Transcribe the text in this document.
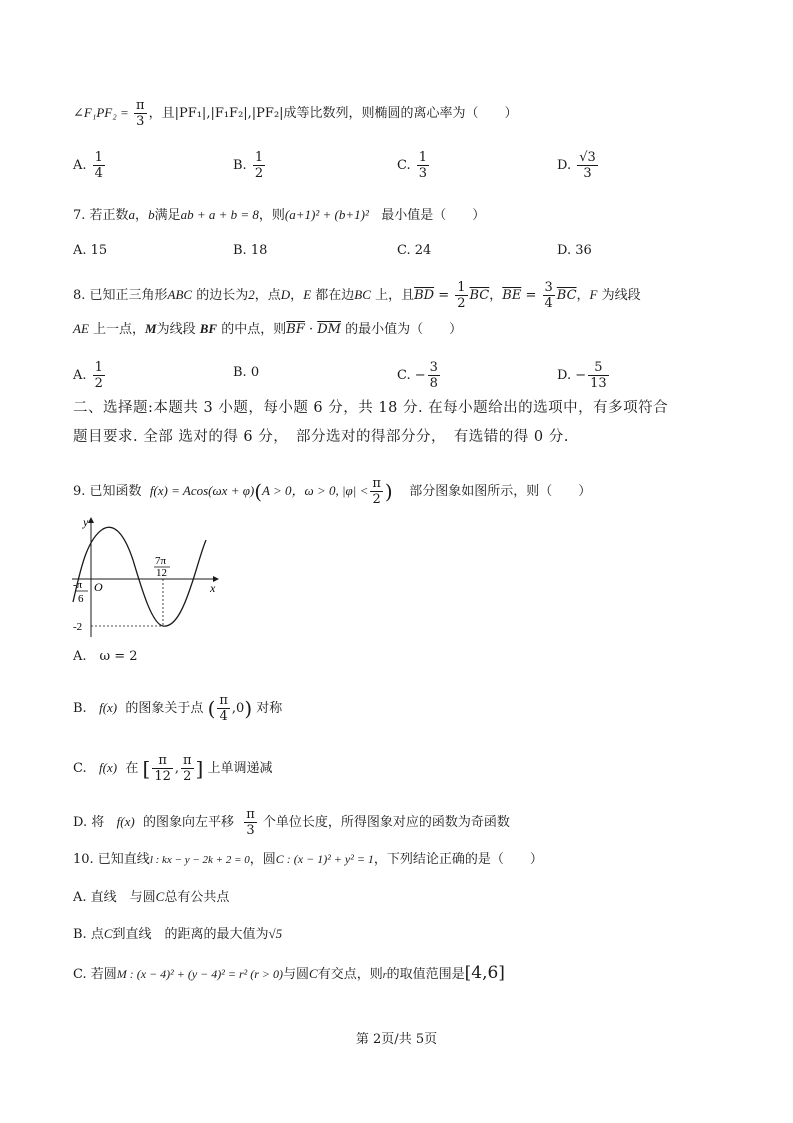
∠F₁PF₂ = $\frac{\pi}{3}$ ，且|PF₁|,|F₁F₂|,|PF₂|成等比数列，则椭圆的离心率为（　　）
A. $\frac{1}{4}$	B. $\frac{1}{2}$	C. $\frac{1}{3}$	D. $\frac{√3}{3}$
7. 若正数a，b满足ab + a + b = 8，则(a+1)² + (b+1)² 最小值是（　　）
A. 15	B. 18	C. 24	D. 36
8. 已知正三角形ABC 的边长为2，点D，E 都在边BC 上，且$\overline{BD} = \frac{1}{2} \overline{BC}$，$\overline{BE} = \frac{3}{4} \overline{BC}$，F 为线段
AE 上一点，M为线段 BF 的中点，则$\overline{BF} \cdot \overline{DM}$ 的最小值为（　　）
A. $\frac{1}{2}$	B. 0	C. − $\frac{3}{8}$	D. − $\frac{5}{13}$
二、选择题:本题共 3 小题，每小题 6 分，共 18 分. 在每小题给出的选项中，有多项符合
题目要求. 全部 选对的得 6 分，　部分选对的得部分分，　有选错的得 0 分.
9. 已知函数 f(x) = Acos(ωx + φ)(A > 0，ω > 0, $|\varphi| < \frac{\pi}{2}$ ) 部分图象如图所示，则（　　）
y
x
O
-π
6
7π
12
-2
A.　ω = 2
B. f(x) 的图象关于点 ( $\frac{\pi}{4} ,0$) 对称
C. f(x) 在 [ $\frac{\pi}{12}$ , $\frac{\pi}{2}$ ] 上单调递减
D. 将 f(x) 的图象向左平移 $\frac{\pi}{3}$ 个单位长度，所得图象对应的函数为奇函数
10. 已知直线l : kx − y − 2k + 2 = 0，圆C : (x − 1)² + y² = 1，下列结论正确的是（　　）
A. 直线　与圆C总有公共点
B. 点C到直线　的距离的最大值为√5
C. 若圆M : (x − 4)² + (y − 4)² = r² (r > 0)与圆C有交点，则r的取值范围是[4,6]
第 2页/共 5页
